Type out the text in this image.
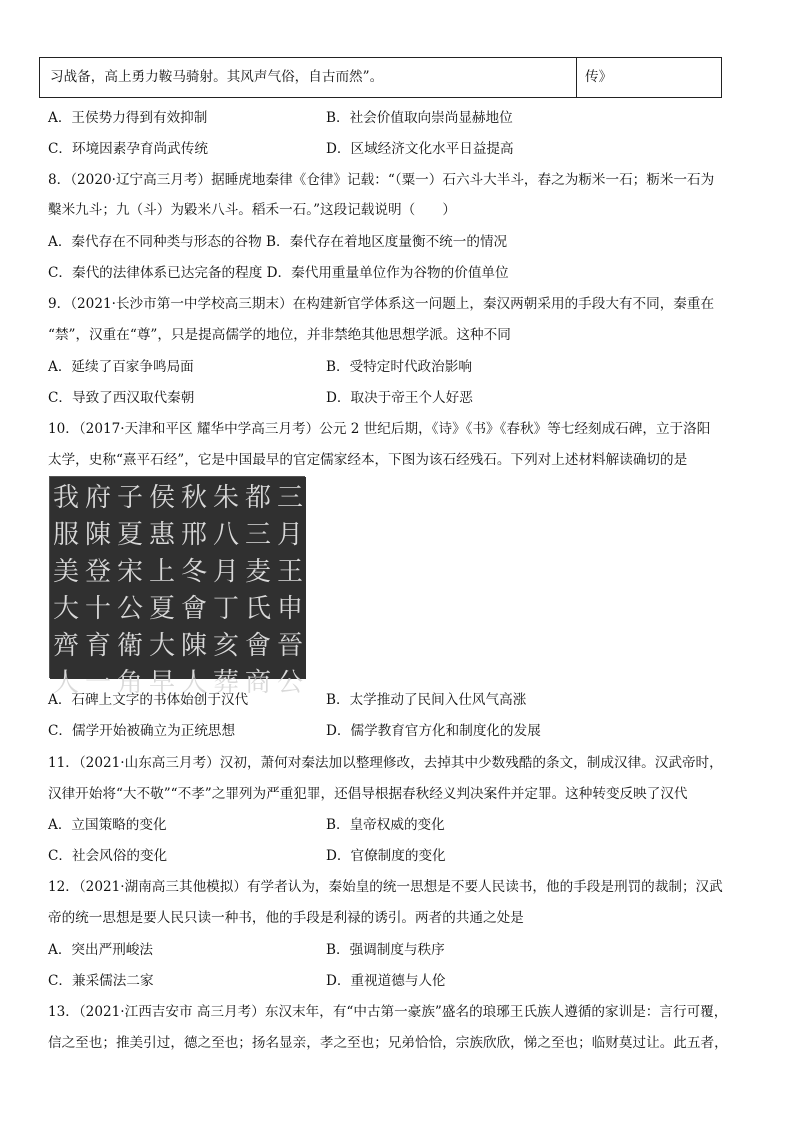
习战备，高上勇力鞍马骑射。其风声气俗，自古而然”。	传》
A．王侯势力得到有效抑制	B．社会价值取向崇尚显赫地位
C．环境因素孕育尚武传统	D．区域经济文化水平日益提高
8．（2020·辽宁高三月考）据睡虎地秦律《仓律》记载：“（粟一）石六斗大半斗，舂之为粝米一石；粝米一石为
糳米九斗；九（斗）为毇米八斗。稻禾一石。”这段记载说明（　　）
A．秦代存在不同种类与形态的谷物 B．秦代存在着地区度量衡不统一的情况
C．秦代的法律体系已达完备的程度 D．秦代用重量单位作为谷物的价值单位
9．（2021·长沙市第一中学校高三期末）在构建新官学体系这一问题上，秦汉两朝采用的手段大有不同，秦重在
“禁”，汉重在“尊”，只是提高儒学的地位，并非禁绝其他思想学派。这种不同
A．延续了百家争鸣局面	B．受特定时代政治影响
C．导致了西汉取代秦朝	D．取决于帝王个人好恶
10．（2017·天津和平区 耀华中学高三月考）公元 2 世纪后期，《诗》《书》《春秋》等七经刻成石碑，立于洛阳
太学，史称“熹平石经”，它是中国最早的官定儒家经本，下图为该石经残石。下列对上述材料解读确切的是
我 府 子 侯 秋 朱 都 三
服 陳 夏 惠 邢 八 三 月
美 登 宋 上 冬 月 麦 王
大 十 公 夏 會 丁 氏 申
齊 育 衛 大 陳 亥 會 晉
人 一 角 早 人 葬 商 公
A．石碑上文字的书体始创于汉代	B．太学推动了民间入仕风气高涨
C．儒学开始被确立为正统思想	D．儒学教育官方化和制度化的发展
11．（2021·山东高三月考）汉初，萧何对秦法加以整理修改，去掉其中少数残酷的条文，制成汉律。汉武帝时，
汉律开始将“大不敬”“不孝”之罪列为严重犯罪，还倡导根据春秋经义判决案件并定罪。这种转变反映了汉代
A．立国策略的变化	B．皇帝权威的变化
C．社会风俗的变化	D．官僚制度的变化
12．（2021·湖南高三其他模拟）有学者认为，秦始皇的统一思想是不要人民读书，他的手段是刑罚的裁制；汉武
帝的统一思想是要人民只读一种书，他的手段是利禄的诱引。两者的共通之处是
A．突出严刑峻法	B．强调制度与秩序
C．兼采儒法二家	D．重视道德与人伦
13．（2021·江西吉安市 高三月考）东汉末年，有“中古第一豪族”盛名的琅琊王氏族人遵循的家训是：言行可覆，
信之至也；推美引过，德之至也；扬名显亲，孝之至也；兄弟恰恰，宗族欣欣，悌之至也；临财莫过让。此五者，
